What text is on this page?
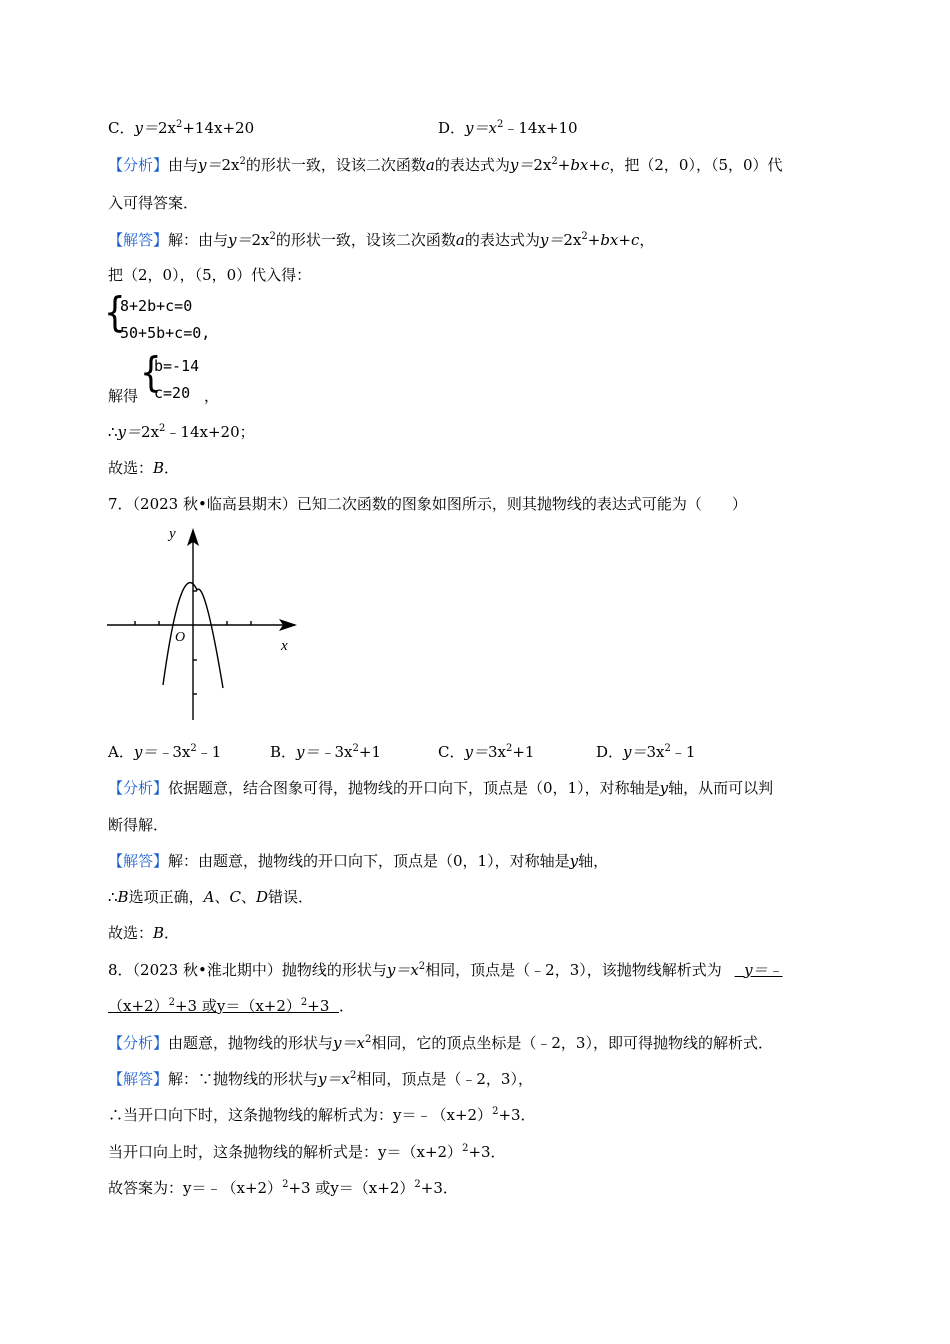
C．$y=2x^2+14x+20$	D．$y=x^2﹣14x+10$
【分析】由与$y=2x^2$的形状一致，设该二次函数a的表达式为$y=2x^2+bx+c$，把（2，0），（5，0）代
入可得答案．
【解答】解：由与$y=2x^2$的形状一致，设该二次函数a的表达式为$y=2x^2+bx+c$，
把（2，0），（5，0）代入得：
{
8+2b+c=0
50+5b+c=0,
解得 {
b=-14
c=20 ，
$\therefore y=2x^2﹣14x+20$；
故选：B．
7．（2023 秋•临高县期末）已知二次函数的图象如图所示，则其抛物线的表达式可能为（　　）
y
x
O
A．$y=﹣3x^2﹣1$	B．$y=﹣3x^2+1$	C．$y=3x^2+1$	D．$y=3x^2﹣1$
【分析】依据题意，结合图象可得，抛物线的开口向下，顶点是（0，1），对称轴是y轴，从而可以判
断得解．
【解答】解：由题意，抛物线的开口向下，顶点是（0，1），对称轴是y轴，
∴B选项正确，A、C、D错误．
故选：B．
8．（2023 秋•淮北期中）抛物线的形状与$y=x^2$相同，顶点是（﹣2，3），该抛物线解析式为 y＝﹣
$(x+2)^2+3$ 或$y=(x+2)^2+3$ ．
【分析】由题意，抛物线的形状与$y=x^2$相同，它的顶点坐标是（﹣2，3），即可得抛物线的解析式．
【解答】解：∵抛物线的形状与$y=x^2$相同，顶点是（﹣2，3），
∴当开口向下时，这条抛物线的解析式为：$y=﹣(x+2)^2+3$．
当开口向上时，这条抛物线的解析式是：$y=(x+2)^2+3$．
故答案为：$y=﹣(x+2)^2+3$ 或$y=(x+2)^2+3$．
